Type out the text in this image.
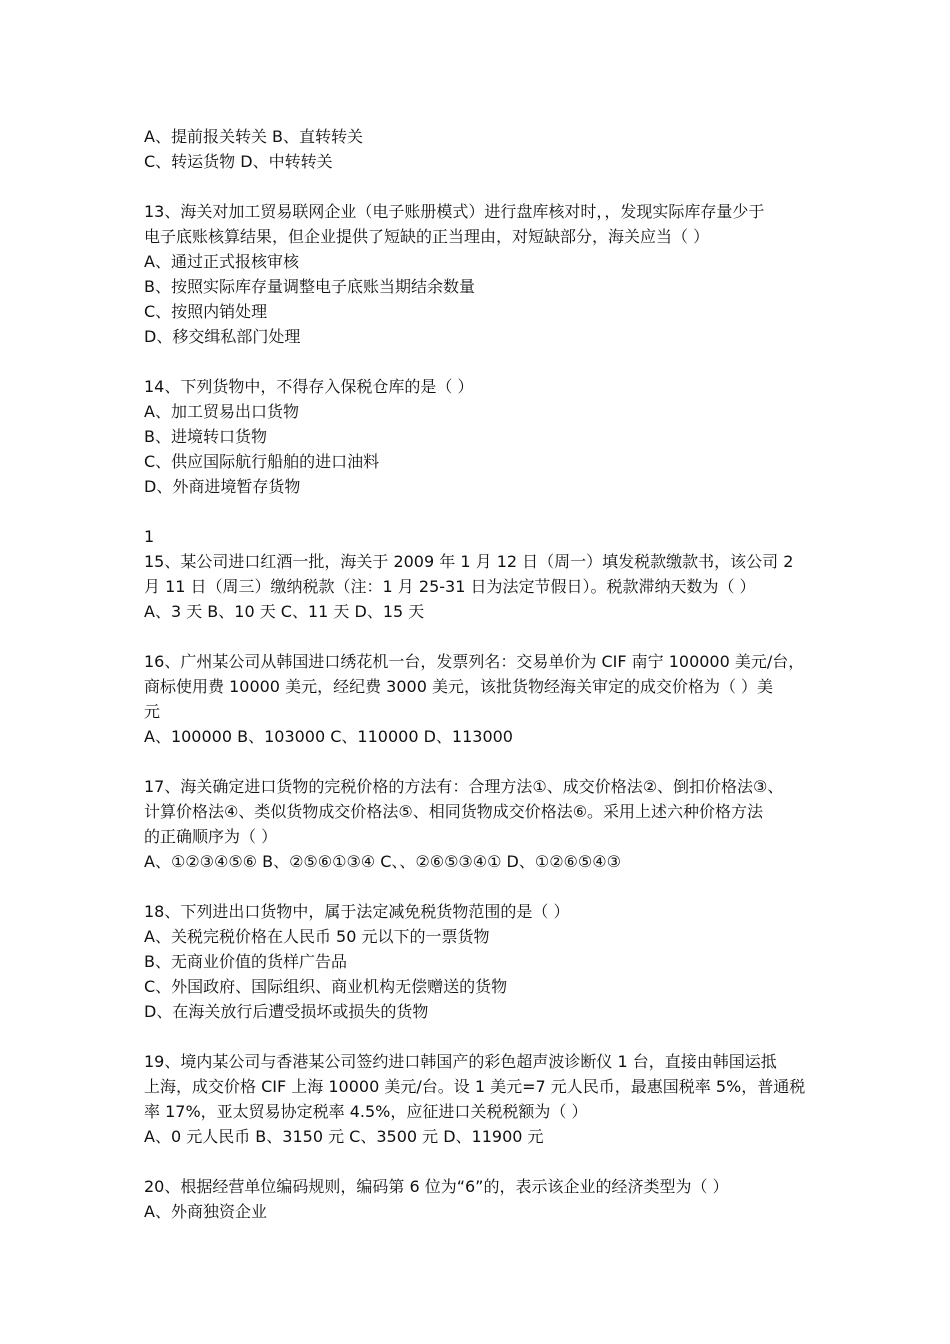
A、提前报关转关 B、直转转关
C、转运货物 D、中转转关
13、海关对加工贸易联网企业（电子账册模式）进行盘库核对时，，发现实际库存量少于
电子底账核算结果，但企业提供了短缺的正当理由，对短缺部分，海关应当（ ）
A、通过正式报核审核
B、按照实际库存量调整电子底账当期结余数量
C、按照内销处理
D、移交缉私部门处理
14、下列货物中，不得存入保税仓库的是（ ）
A、加工贸易出口货物
B、进境转口货物
C、供应国际航行船舶的进口油料
D、外商进境暂存货物
1
15、某公司进口红酒一批，海关于 2009 年 1 月 12 日（周一）填发税款缴款书，该公司 2
月 11 日（周三）缴纳税款（注：1 月 25-31 日为法定节假日）。税款滞纳天数为（ ）
A、3 天 B、10 天 C、11 天 D、15 天
16、广州某公司从韩国进口绣花机一台，发票列名：交易单价为 CIF 南宁 100000 美元/台，
商标使用费 10000 美元，经纪费 3000 美元，该批货物经海关审定的成交价格为（ ）美
元
A、100000 B、103000 C、110000 D、113000
17、海关确定进口货物的完税价格的方法有：合理方法①、成交价格法②、倒扣价格法③、
计算价格法④、类似货物成交价格法⑤、相同货物成交价格法⑥。采用上述六种价格方法
的正确顺序为（ ）
A、①②③④⑤⑥ B、②⑤⑥①③④ C、、②⑥⑤③④① D、①②⑥⑤④③
18、下列进出口货物中，属于法定减免税货物范围的是（ ）
A、关税完税价格在人民币 50 元以下的一票货物
B、无商业价值的货样广告品
C、外国政府、国际组织、商业机构无偿赠送的货物
D、在海关放行后遭受损坏或损失的货物
19、境内某公司与香港某公司签约进口韩国产的彩色超声波诊断仪 1 台，直接由韩国运抵
上海，成交价格 CIF 上海 10000 美元/台。设 1 美元=7 元人民币，最惠国税率 5%，普通税
率 17%，亚太贸易协定税率 4.5%，应征进口关税税额为（ ）
A、0 元人民币 B、3150 元 C、3500 元 D、11900 元
20、根据经营单位编码规则，编码第 6 位为“6”的，表示该企业的经济类型为（ ）
A、外商独资企业
